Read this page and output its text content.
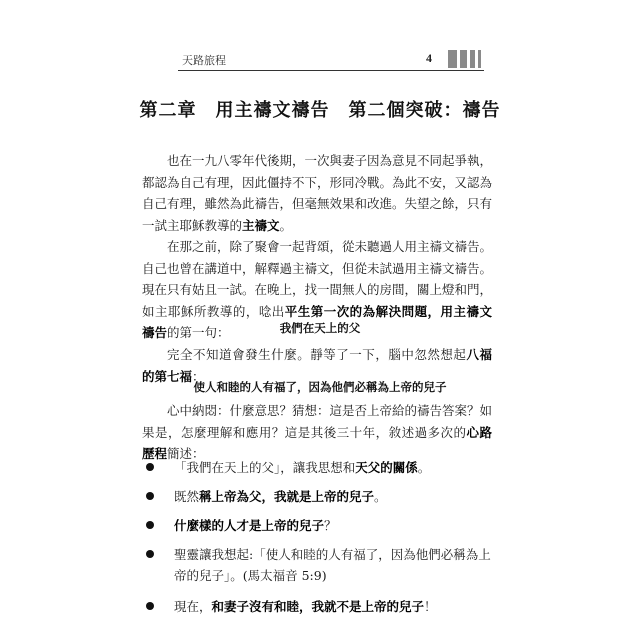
天路旅程	4
第二章　用主禱文禱告　第二個突破：禱告

也在一九八零年代後期，一次與妻子因為意見不同起爭執，都認為自己有理，因此僵持不下，形同冷戰。為此不安，又認為自己有理，雖然為此禱告，但毫無效果和改進。失望之餘，只有一試主耶穌教導的主禱文。

在那之前，除了聚會一起背頌，從未聽過人用主禱文禱告。自己也曾在講道中，解釋過主禱文，但從未試過用主禱文禱告。現在只有姑且一試。在晚上，找一間無人的房間，關上燈和門，如主耶穌所教導的，唸出平生第一次的為解決問題，用主禱文禱告的第一句：	我們在天上的父

完全不知道會發生什麼。靜等了一下，腦中忽然想起八福的第七福：

使人和睦的人有福了，因為他們必稱為上帝的兒子

心中納悶：什麼意思？猜想：這是否上帝給的禱告答案？如果是，怎麼理解和應用？這是其後三十年，敘述過多次的心路歷程簡述：

「我們在天上的父」，讓我思想和天父的關係。
既然稱上帝為父，我就是上帝的兒子。
什麼樣的人才是上帝的兒子？
聖靈讓我想起:「使人和睦的人有福了，因為他們必稱為上帝的兒子」。(馬太福音 5:9)
現在，和妻子沒有和睦，我就不是上帝的兒子！
